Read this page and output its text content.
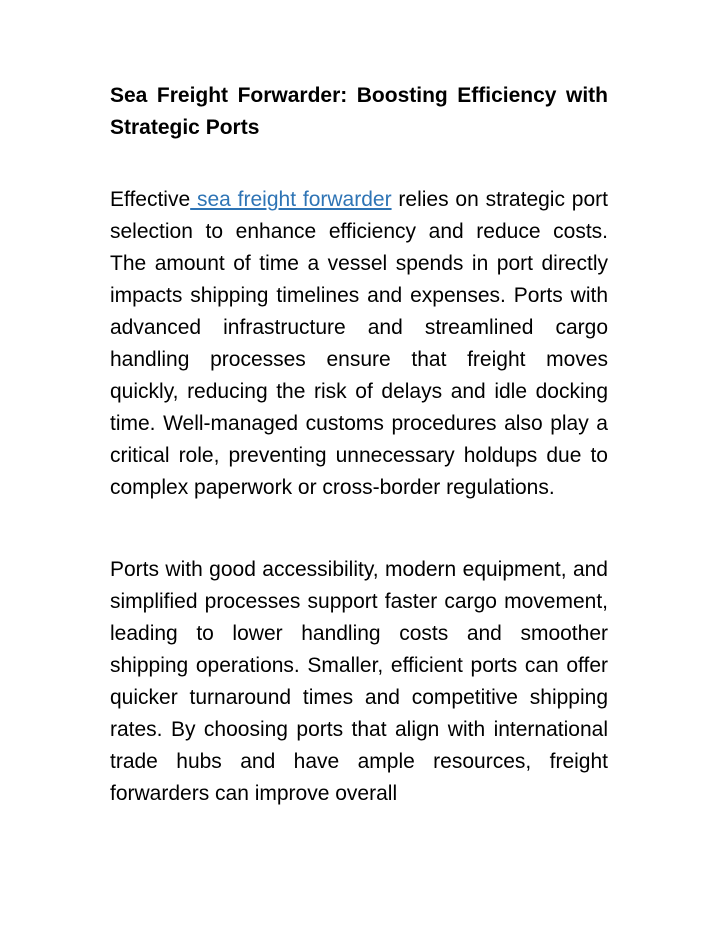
Sea Freight Forwarder: Boosting Efficiency with Strategic Ports

Effective sea freight forwarder relies on strategic port selection to enhance efficiency and reduce costs. The amount of time a vessel spends in port directly impacts shipping timelines and expenses. Ports with advanced infrastructure and streamlined cargo handling processes ensure that freight moves quickly, reducing the risk of delays and idle docking time. Well-managed customs procedures also play a critical role, preventing unnecessary holdups due to complex paperwork or cross-border regulations.

Ports with good accessibility, modern equipment, and simplified processes support faster cargo movement, leading to lower handling costs and smoother shipping operations. Smaller, efficient ports can offer quicker turnaround times and competitive shipping rates. By choosing ports that align with international trade hubs and have ample resources, freight forwarders can improve overall
